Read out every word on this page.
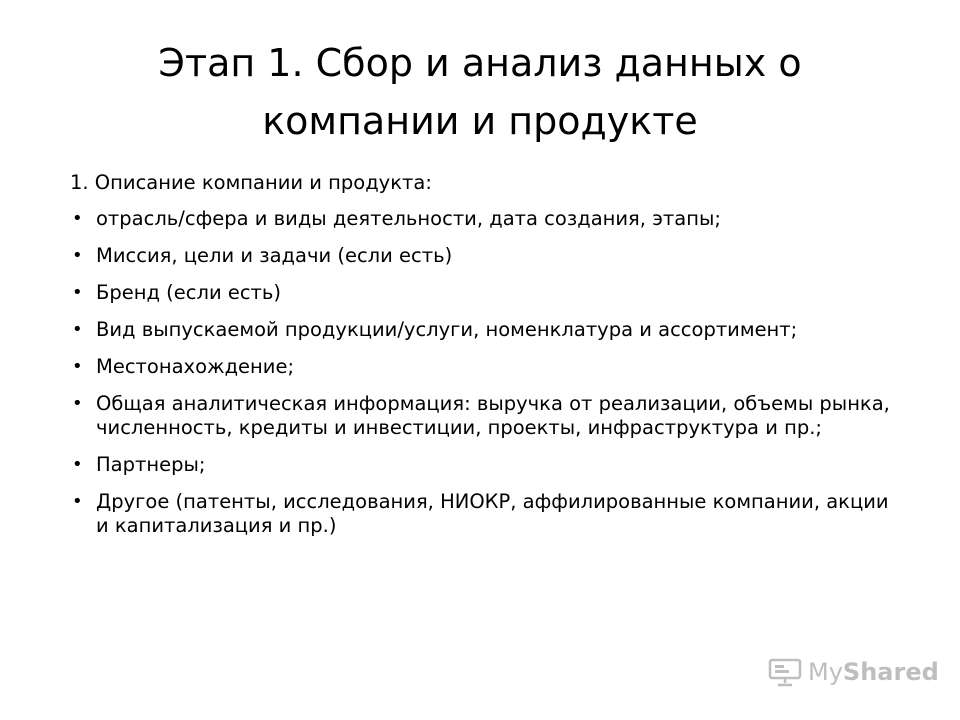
Этап 1. Сбор и анализ данных о
компании и продукте

1. Описание компании и продукта:

• отрасль/сфера и виды деятельности, дата создания, этапы;
• Миссия, цели и задачи (если есть)
• Бренд (если есть)
• Вид выпускаемой продукции/услуги, номенклатура и ассортимент;
• Местонахождение;
• Общая аналитическая информация: выручка от реализации, объемы рынка, численность, кредиты и инвестиции, проекты, инфраструктура и пр.;
• Партнеры;
• Другое (патенты, исследования, НИОКР, аффилированные компании, акции и капитализация и пр.)
MyShared
